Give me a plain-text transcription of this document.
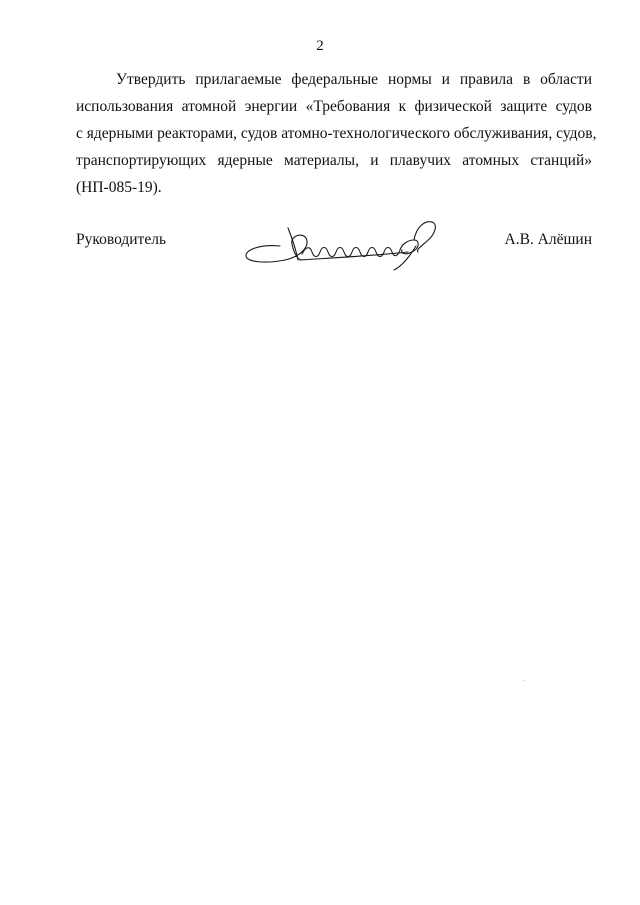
2
Утвердить прилагаемые федеральные нормы и правила в области
использования атомной энергии «Требования к физической защите судов
с ядерными реакторами, судов атомно-технологического обслуживания, судов,
транспортирующих ядерные материалы, и плавучих атомных станций»
(НП-085-19).
Руководитель	А.В. Алёшин
